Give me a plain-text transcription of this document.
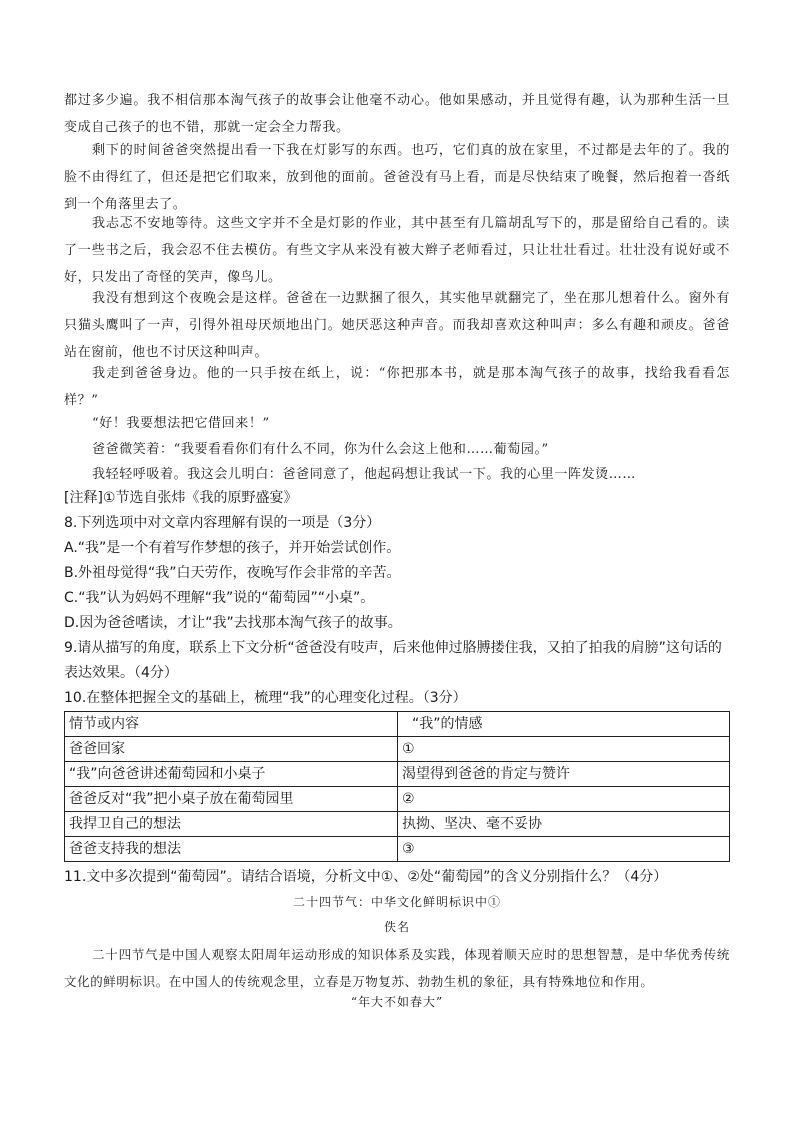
都过多少遍。我不相信那本淘气孩子的故事会让他毫不动心。他如果感动，并且觉得有趣，认为那种生活一旦变成自己孩子的也不错，那就一定会全力帮我。

剩下的时间爸爸突然提出看一下我在灯影写的东西。也巧，它们真的放在家里，不过都是去年的了。我的脸不由得红了，但还是把它们取来，放到他的面前。爸爸没有马上看，而是尽快结束了晚餐，然后抱着一沓纸到一个角落里去了。

我忐忑不安地等待。这些文字并不全是灯影的作业，其中甚至有几篇胡乱写下的，那是留给自己看的。读了一些书之后，我会忍不住去模仿。有些文字从来没有被大辫子老师看过，只让壮壮看过。壮壮没有说好或不好，只发出了奇怪的笑声，像鸟儿。

我没有想到这个夜晚会是这样。爸爸在一边默捆了很久，其实他早就翻完了，坐在那儿想着什么。窗外有只猫头鹰叫了一声，引得外祖母厌烦地出门。她厌恶这种声音。而我却喜欢这种叫声：多么有趣和顽皮。爸爸站在窗前，他也不讨厌这种叫声。

我走到爸爸身边。他的一只手按在纸上，说：“你把那本书，就是那本淘气孩子的故事，找给我看看怎样？”

“好！我要想法把它借回来！”

爸爸微笑着：“我要看看你们有什么不同，你为什么会这上他和……葡萄园。”

我轻轻呼吸着。我这会儿明白：爸爸同意了，他起码想让我试一下。我的心里一阵发烫……

[注释]①节选自张炜《我的原野盛宴》

8.下列选项中对文章内容理解有误的一项是（3分）

A.“我”是一个有着写作梦想的孩子，并开始尝试创作。

B.外祖母觉得“我”白天劳作，夜晚写作会非常的辛苦。

C.“我”认为妈妈不理解“我”说的“葡萄园”“小桌”。

D.因为爸爸嗜读，才让“我”去找那本淘气孩子的故事。

9.请从描写的角度，联系上下文分析“爸爸没有吱声，后来他伸过胳膊搂住我，又拍了拍我的肩膀”这句话的表达效果。（4分）

10.在整体把握全文的基础上，梳理“我”的心理变化过程。（3分）

情节或内容	“我”的情感
爸爸回家	①
“我”向爸爸讲述葡萄园和小桌子	渴望得到爸爸的肯定与赞许
爸爸反对“我”把小桌子放在葡萄园里	②
我捍卫自己的想法	执拗、坚决、毫不妥协
爸爸支持我的想法	③

11.文中多次提到“葡萄园”。请结合语境，分析文中①、②处“葡萄园”的含义分别指什么？（4分）

二十四节气：中华文化鲜明标识中①

佚名

二十四节气是中国人观察太阳周年运动形成的知识体系及实践，体现着顺天应时的思想智慧，是中华优秀传统文化的鲜明标识。在中国人的传统观念里，立春是万物复苏、勃勃生机的象征，具有特殊地位和作用。

“年大不如春大”
